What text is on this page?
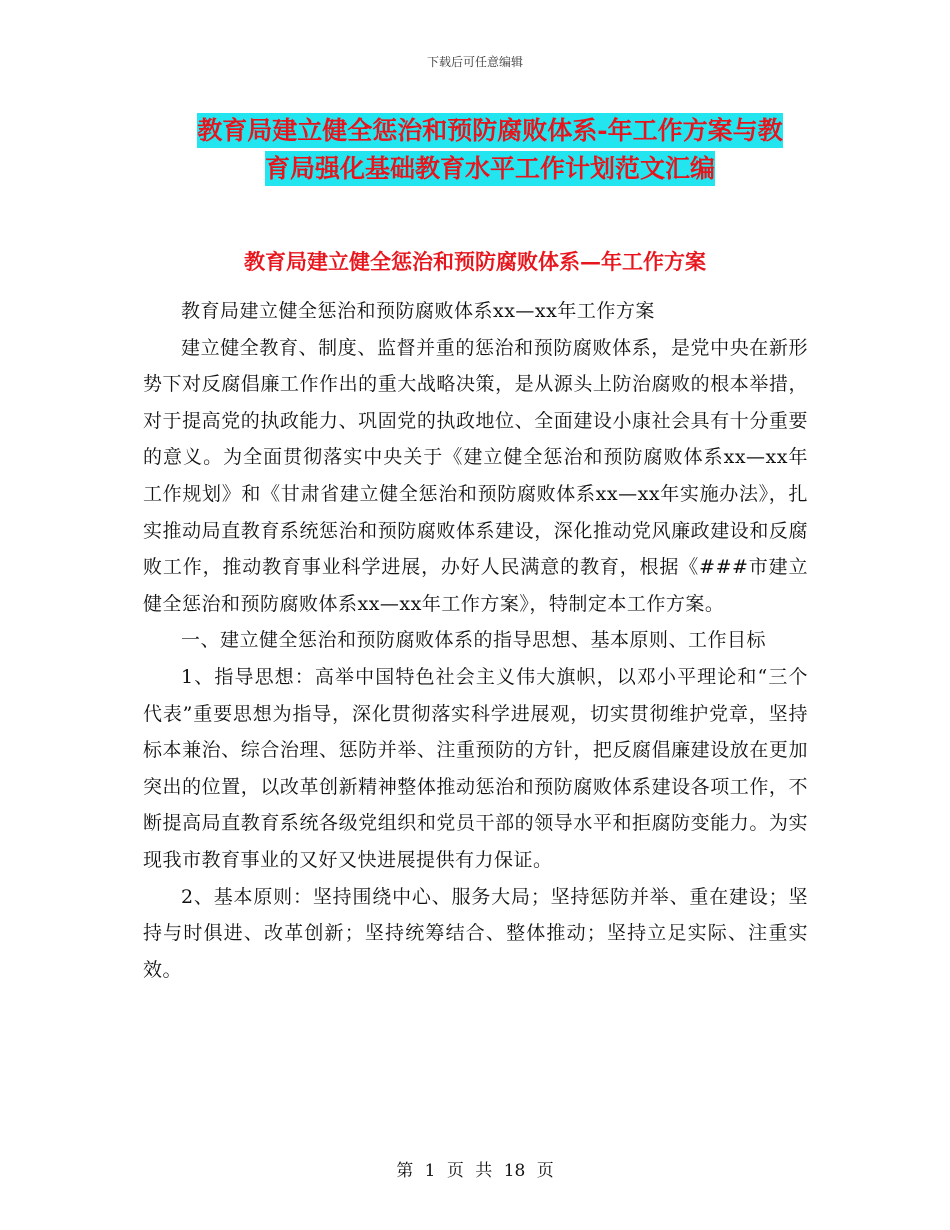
下载后可任意编辑
教育局建立健全惩治和预防腐败体系-年工作方案与教
育局强化基础教育水平工作计划范文汇编
教育局建立健全惩治和预防腐败体系—年工作方案

教育局建立健全惩治和预防腐败体系xx—xx年工作方案

建立健全教育、制度、监督并重的惩治和预防腐败体系，是党中央在新形势下对反腐倡廉工作作出的重大战略决策，是从源头上防治腐败的根本举措，对于提高党的执政能力、巩固党的执政地位、全面建设小康社会具有十分重要的意义。为全面贯彻落实中央关于《建立健全惩治和预防腐败体系xx—xx年工作规划》和《甘肃省建立健全惩治和预防腐败体系xx—xx年实施办法》，扎实推动局直教育系统惩治和预防腐败体系建设，深化推动党风廉政建设和反腐败工作，推动教育事业科学进展，办好人民满意的教育，根据《###市建立健全惩治和预防腐败体系xx—xx年工作方案》，特制定本工作方案。

一、建立健全惩治和预防腐败体系的指导思想、基本原则、工作目标

1、指导思想：高举中国特色社会主义伟大旗帜，以邓小平理论和“三个代表”重要思想为指导，深化贯彻落实科学进展观，切实贯彻维护党章，坚持标本兼治、综合治理、惩防并举、注重预防的方针，把反腐倡廉建设放在更加突出的位置，以改革创新精神整体推动惩治和预防腐败体系建设各项工作，不断提高局直教育系统各级党组织和党员干部的领导水平和拒腐防变能力。为实现我市教育事业的又好又快进展提供有力保证。

2、基本原则：坚持围绕中心、服务大局；坚持惩防并举、重在建设；坚持与时俱进、改革创新；坚持统筹结合、整体推动；坚持立足实际、注重实效。

第 1 页 共 18 页
